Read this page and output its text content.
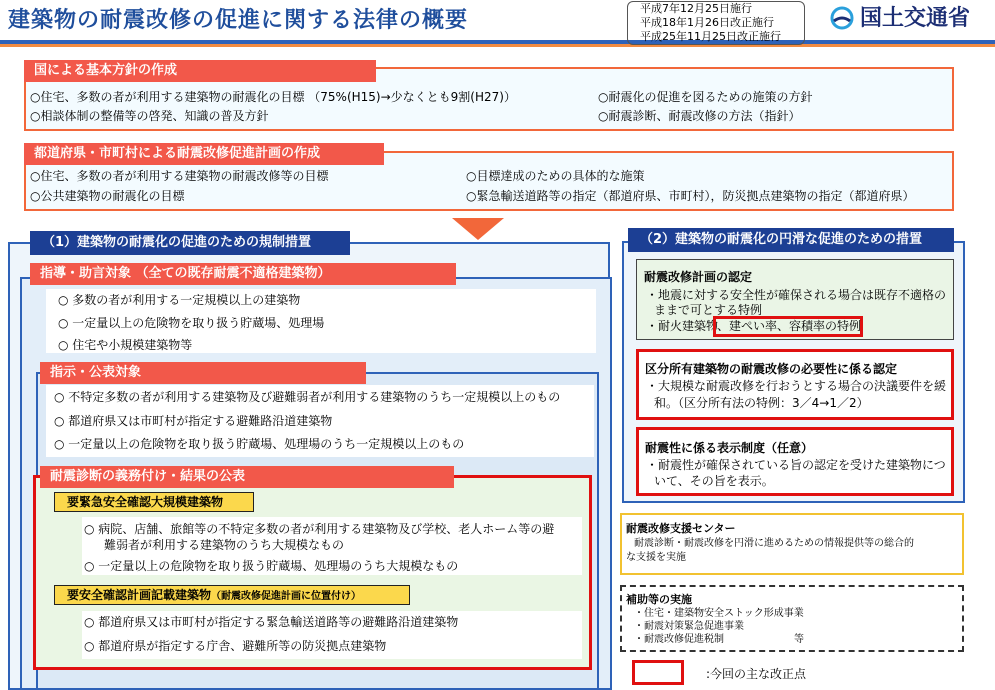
建築物の耐震改修の促進に関する法律の概要	平成7年12月25日施行
平成18年1月26日改正施行
平成25年11月25日改正施行
国土交通省
国による基本方針の作成
○住宅、多数の者が利用する建築物の耐震化の目標 （75%(H15)→少なくとも9割(H27)）	○耐震化の促進を図るための施策の方針
○相談体制の整備等の啓発、知識の普及方針	○耐震診断、耐震改修の方法（指針）
都道府県・市町村による耐震改修促進計画の作成
○住宅、多数の者が利用する建築物の耐震改修等の目標	○目標達成のための具体的な施策
○公共建築物の耐震化の目標	○緊急輸送道路等の指定（都道府県、市町村），防災拠点建築物の指定（都道府県）
（1）建築物の耐震化の促進のための規制措置
指導・助言対象 （全ての既存耐震不適格建築物）
○ 多数の者が利用する一定規模以上の建築物
○ 一定量以上の危険物を取り扱う貯蔵場、処理場
○ 住宅や小規模建築物等
指示・公表対象
○ 不特定多数の者が利用する建築物及び避難弱者が利用する建築物のうち一定規模以上のもの
○ 都道府県又は市町村が指定する避難路沿道建築物
○ 一定量以上の危険物を取り扱う貯蔵場、処理場のうち一定規模以上のもの
耐震診断の義務付け・結果の公表
要緊急安全確認大規模建築物
○ 病院、店舗、旅館等の不特定多数の者が利用する建築物及び学校、老人ホーム等の避
難弱者が利用する建築物のうち大規模なもの
○ 一定量以上の危険物を取り扱う貯蔵場、処理場のうち大規模なもの
要安全確認計画記載建築物（耐震改修促進計画に位置付け）
○ 都道府県又は市町村が指定する緊急輸送道路等の避難路沿道建築物
○ 都道府県が指定する庁舎、避難所等の防災拠点建築物
（2）建築物の耐震化の円滑な促進のための措置
耐震改修計画の認定
・地震に対する安全性が確保される場合は既存不適格の
ままで可とする特例
・耐火建築物
、建ぺい率、容積率の特例
区分所有建築物の耐震改修の必要性に係る認定
・大規模な耐震改修を行おうとする場合の決議要件を緩
和。（区分所有法の特例：3／4→1／2）
耐震性に係る表示制度（任意）
・耐震性が確保されている旨の認定を受けた建築物につ
いて、その旨を表示。
耐震改修支援センター
耐震診断・耐震改修を円滑に進めるための情報提供等の総合的
な支援を実施
補助等の実施
・住宅・建築物安全ストック形成事業
・耐震対策緊急促進事業
・耐震改修促進税制	等
:今回の主な改正点
